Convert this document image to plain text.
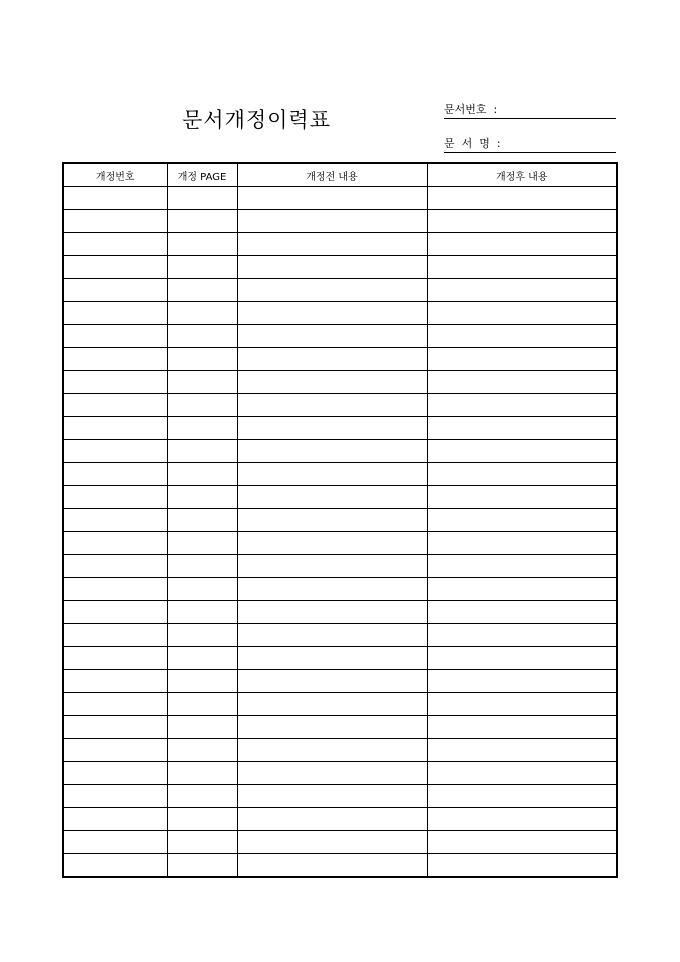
문서개정이력표	문서번호  :
문  서  명  :
개정번호	개정 PAGE	개정전 내용	개정후 내용
